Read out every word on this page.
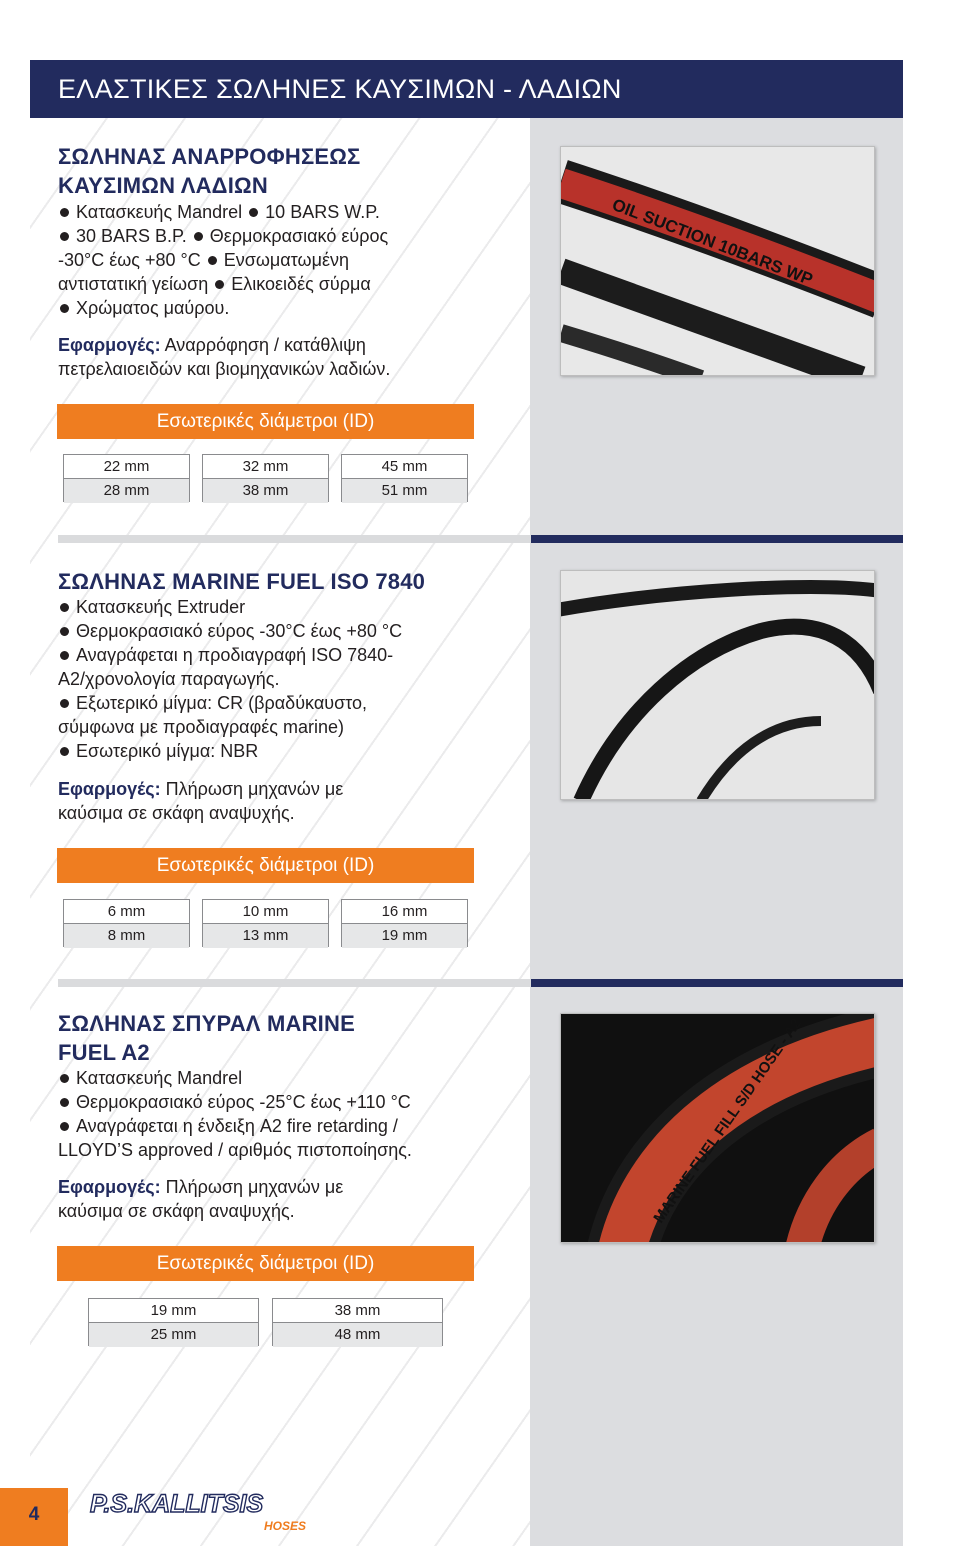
ΕΛΑΣΤΙΚΕΣ ΣΩΛΗΝΕΣ ΚΑΥΣΙΜΩΝ - ΛΑΔΙΩΝ
ΣΩΛΗΝΑΣ ΑΝΑΡΡΟΦΗΣΕΩΣ
ΚΑΥΣΙΜΩΝ ΛΑΔΙΩΝ
Κατασκευής Mandrel 10 BARS W.P.
30 BARS B.P. Θερμοκρασιακό εύρος
-30°C έως +80 °C Ενσωματωμένη
αντιστατική γείωση Ελικοειδές σύρμα
Χρώματος μαύρου.
Εφαρμογές: Αναρρόφηση / κατάθλιψη
πετρελαιοειδών και βιομηχανικών λαδιών.
Εσωτερικές διάμετροι (ID)
22 mm
28 mm
32 mm
38 mm
45 mm
51 mm
OIL SUCTION 10BARS WP
ΣΩΛΗΝΑΣ MARINE FUEL ISO 7840
Κατασκευής Extruder
Θερμοκρασιακό εύρος -30°C έως +80 °C
Αναγράφεται η προδιαγραφή ISO 7840-
A2/χρονολογία παραγωγής.
Εξωτερικό μίγμα: CR (βραδύκαυστο,
σύμφωνα με προδιαγραφές marine)
Εσωτερικό μίγμα: NBR
Εφαρμογές: Πλήρωση μηχανών με
καύσιμα σε σκάφη αναψυχής.
Εσωτερικές διάμετροι (ID)
6 mm
8 mm
10 mm
13 mm
16 mm
19 mm
ΣΩΛΗΝΑΣ ΣΠΥΡΑΛ MARINE
FUEL A2
Κατασκευής Mandrel
Θερμοκρασιακό εύρος -25°C έως +110 °C
Αναγράφεται η ένδειξη A2 fire retarding /
LLOYD’S approved / αριθμός πιστοποίησης.
Εφαρμογές: Πλήρωση μηχανών με
καύσιμα σε σκάφη αναψυχής.
Εσωτερικές διάμετροι (ID)
19 mm
25 mm
38 mm
48 mm
MARINE FUEL FILL S/D HOSE - A2
4	P.S.KALLITSIS
HOSES
